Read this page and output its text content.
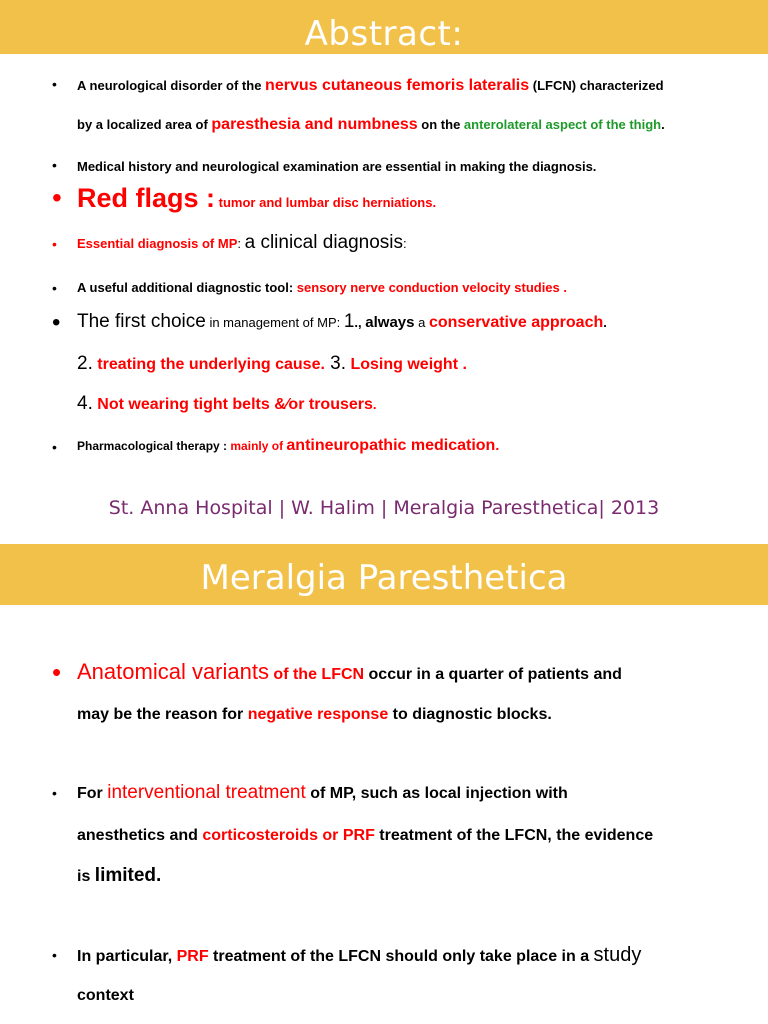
Abstract:
• A neurological disorder of the nervus cutaneous femoris lateralis (LFCN) characterized
by a localized area of paresthesia and numbness on the anterolateral aspect of the thigh.
• Medical history and neurological examination are essential in making the diagnosis.
• Red flags : tumor and lumbar disc herniations.
• Essential diagnosis of MP: a clinical diagnosis:
• A useful additional diagnostic tool: sensory nerve conduction velocity studies .
• The first choice in management of MP: 1., always a conservative approach.
2. treating the underlying cause. 3. Losing weight .
4. Not wearing tight belts &⁄or trousers.
• Pharmacological therapy : mainly of antineuropathic medication.
St. Anna Hospital | W. Halim | Meralgia Paresthetica| 2013
Meralgia Paresthetica
• Anatomical variants of the LFCN occur in a quarter of patients and
may be the reason for negative response to diagnostic blocks.
• For interventional treatment of MP, such as local injection with
anesthetics and corticosteroids or PRF treatment of the LFCN, the evidence
is limited.
• In particular, PRF treatment of the LFCN should only take place in a study
context
